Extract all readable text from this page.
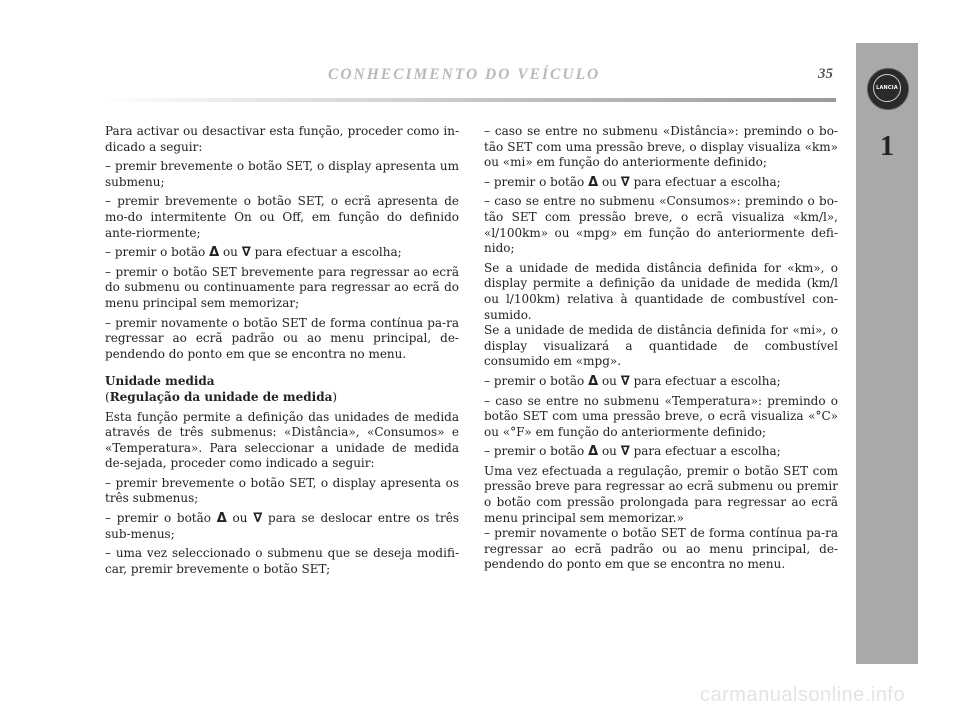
LANCIA
1
CONHECIMENTO DO VEÍCULO	35

Para activar ou desactivar esta função, proceder como in-dicado a seguir:

– premir brevemente o botão SET, o display apresenta um submenu;

– premir brevemente o botão SET, o ecrã apresenta de mo-do intermitente On ou Off, em função do definido ante-riormente;

– premir o botão Δ ou ∇ para efectuar a escolha;

– premir o botão SET brevemente para regressar ao ecrã do submenu ou continuamente para regressar ao ecrã do menu principal sem memorizar;

– premir novamente o botão SET de forma contínua pa-ra regressar ao ecrã padrão ou ao menu principal, de-pendendo do ponto em que se encontra no menu.

Unidade medida

(Regulação da unidade de medida)

Esta função permite a definição das unidades de medida através de três submenus: «Distância», «Consumos» e «Temperatura». Para seleccionar a unidade de medida de-sejada, proceder como indicado a seguir:

– premir brevemente o botão SET, o display apresenta os três submenus;

– premir o botão Δ ou ∇ para se deslocar entre os três sub-menus;

– uma vez seleccionado o submenu que se deseja modifi-car, premir brevemente o botão SET;

– caso se entre no submenu «Distância»: premindo o bo-tão SET com uma pressão breve, o display visualiza «km» ou «mi» em função do anteriormente definido;

– premir o botão Δ ou ∇ para efectuar a escolha;

– caso se entre no submenu «Consumos»: premindo o bo-tão SET com pressão breve, o ecrã visualiza «km/l», «l/100km» ou «mpg» em função do anteriormente defi-nido;

Se a unidade de medida distância definida for «km», o display permite a definição da unidade de medida (km/l ou l/100km) relativa à quantidade de combustível con-sumido.

Se a unidade de medida de distância definida for «mi», o display visualizará a quantidade de combustível consumido em «mpg».

– premir o botão Δ ou ∇ para efectuar a escolha;

– caso se entre no submenu «Temperatura»: premindo o botão SET com uma pressão breve, o ecrã visualiza «°C» ou «°F» em função do anteriormente definido;

– premir o botão Δ ou ∇ para efectuar a escolha;

Uma vez efectuada a regulação, premir o botão SET com pressão breve para regressar ao ecrã submenu ou premir o botão com pressão prolongada para regressar ao ecrã menu principal sem memorizar.»

– premir novamente o botão SET de forma contínua pa-ra regressar ao ecrã padrão ou ao menu principal, de-pendendo do ponto em que se encontra no menu.

carmanualsonline.info
